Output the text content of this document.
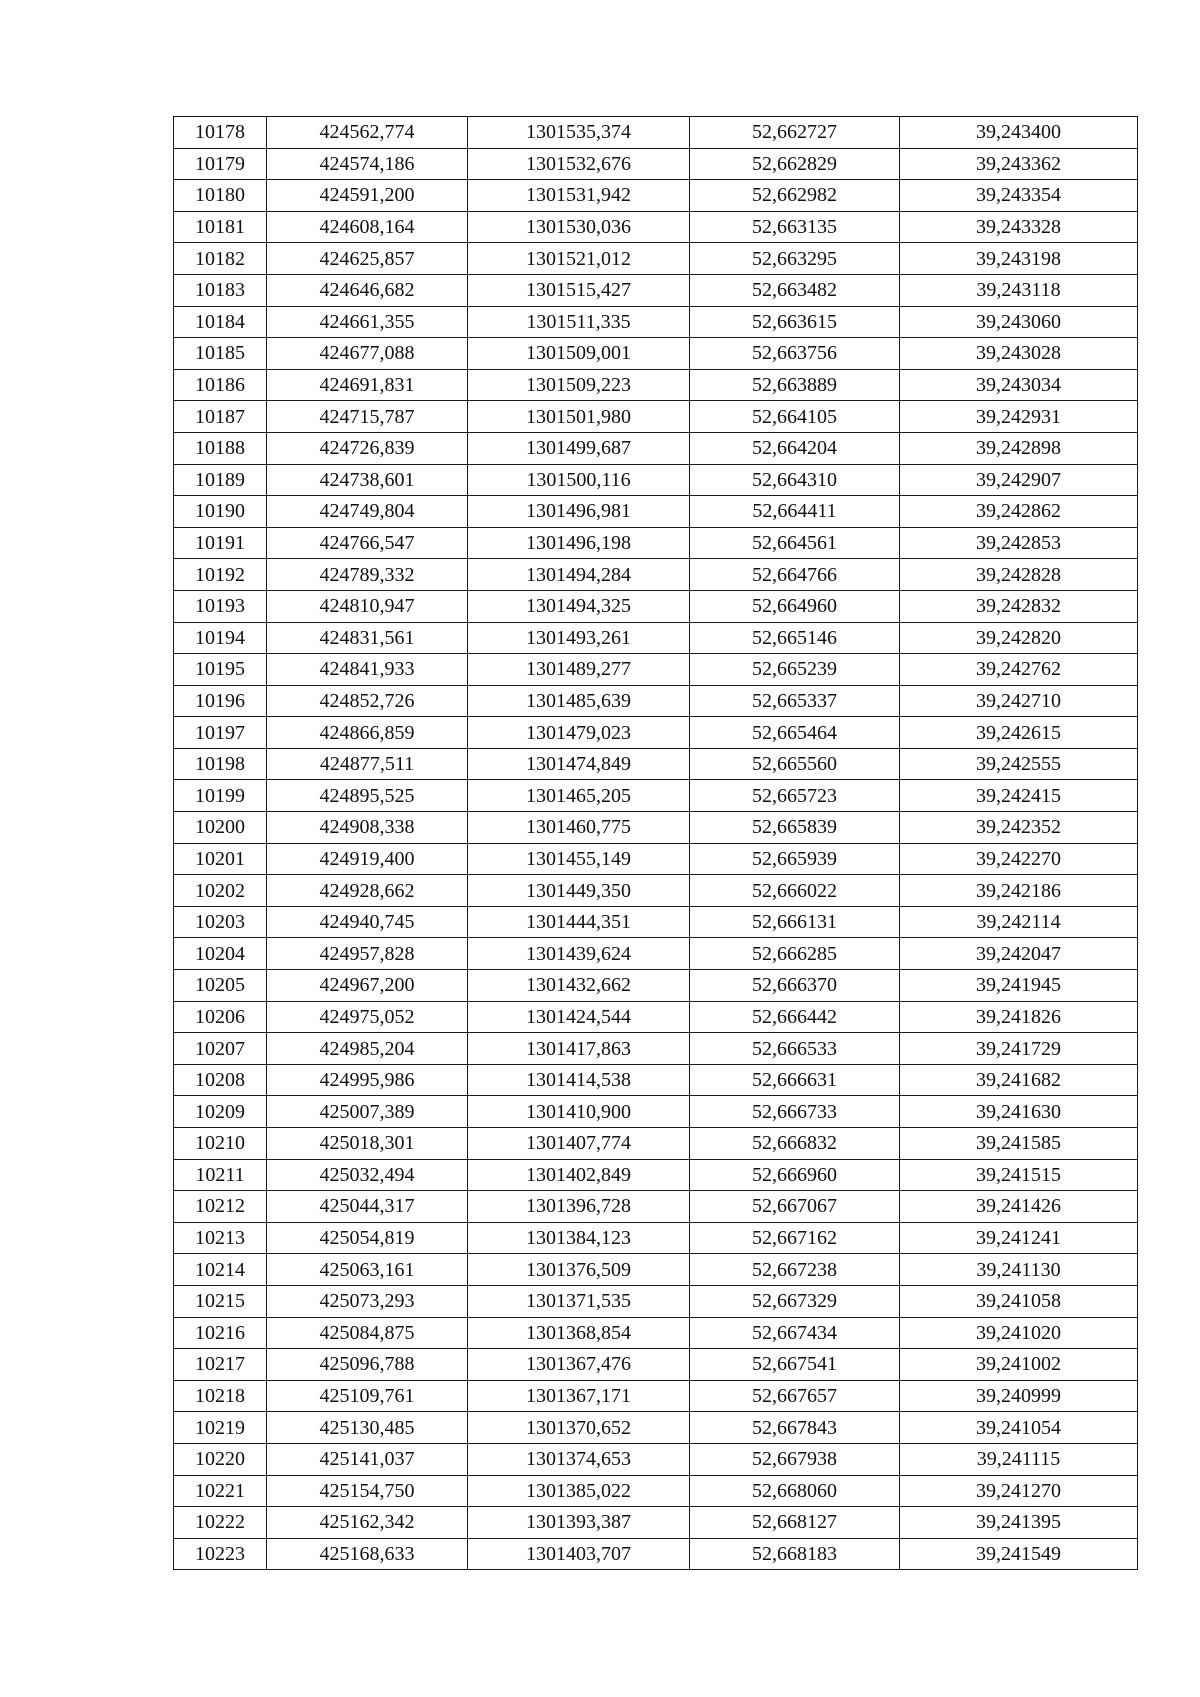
10178	424562,774	1301535,374	52,662727	39,243400
10179	424574,186	1301532,676	52,662829	39,243362
10180	424591,200	1301531,942	52,662982	39,243354
10181	424608,164	1301530,036	52,663135	39,243328
10182	424625,857	1301521,012	52,663295	39,243198
10183	424646,682	1301515,427	52,663482	39,243118
10184	424661,355	1301511,335	52,663615	39,243060
10185	424677,088	1301509,001	52,663756	39,243028
10186	424691,831	1301509,223	52,663889	39,243034
10187	424715,787	1301501,980	52,664105	39,242931
10188	424726,839	1301499,687	52,664204	39,242898
10189	424738,601	1301500,116	52,664310	39,242907
10190	424749,804	1301496,981	52,664411	39,242862
10191	424766,547	1301496,198	52,664561	39,242853
10192	424789,332	1301494,284	52,664766	39,242828
10193	424810,947	1301494,325	52,664960	39,242832
10194	424831,561	1301493,261	52,665146	39,242820
10195	424841,933	1301489,277	52,665239	39,242762
10196	424852,726	1301485,639	52,665337	39,242710
10197	424866,859	1301479,023	52,665464	39,242615
10198	424877,511	1301474,849	52,665560	39,242555
10199	424895,525	1301465,205	52,665723	39,242415
10200	424908,338	1301460,775	52,665839	39,242352
10201	424919,400	1301455,149	52,665939	39,242270
10202	424928,662	1301449,350	52,666022	39,242186
10203	424940,745	1301444,351	52,666131	39,242114
10204	424957,828	1301439,624	52,666285	39,242047
10205	424967,200	1301432,662	52,666370	39,241945
10206	424975,052	1301424,544	52,666442	39,241826
10207	424985,204	1301417,863	52,666533	39,241729
10208	424995,986	1301414,538	52,666631	39,241682
10209	425007,389	1301410,900	52,666733	39,241630
10210	425018,301	1301407,774	52,666832	39,241585
10211	425032,494	1301402,849	52,666960	39,241515
10212	425044,317	1301396,728	52,667067	39,241426
10213	425054,819	1301384,123	52,667162	39,241241
10214	425063,161	1301376,509	52,667238	39,241130
10215	425073,293	1301371,535	52,667329	39,241058
10216	425084,875	1301368,854	52,667434	39,241020
10217	425096,788	1301367,476	52,667541	39,241002
10218	425109,761	1301367,171	52,667657	39,240999
10219	425130,485	1301370,652	52,667843	39,241054
10220	425141,037	1301374,653	52,667938	39,241115
10221	425154,750	1301385,022	52,668060	39,241270
10222	425162,342	1301393,387	52,668127	39,241395
10223	425168,633	1301403,707	52,668183	39,241549
